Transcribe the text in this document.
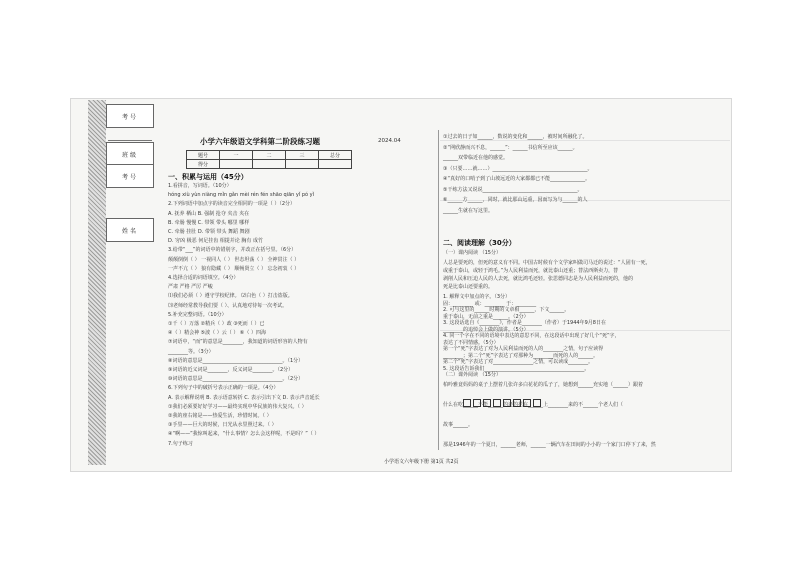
考号
班级
考号
姓名
小学六年级语文学科第二阶段练习题	2024.04
题号	一	二	三	总分
得分				
一、积累与运用（45分）
1.看拼音，写词语。（10分）
hóng xiù yùn niàng mǐn gǎn mèi rén fén shāo qiān yǐ pó yǐ
2.下列词语中加点字的读音完全相同的一项是（ ）（2分）
A. 抚养 栖山 B. 强制 抢夺 夹击 夹在
B. 牵肠 慢慢 C. 带领 带头 哪里 哪样
C. 牵肠 挂肚 D. 带领 带头 舞蹈 舞剧
D. 穷凶 极恶 何足挂齿 相提并论 胸有 成竹
3.给带“___”的词语中的错别字，并改正在括号里。（6分）
颠颠倒倒（ ） 一视同人（ ） 世态坦荡（ ） 全神贯注（ ）
一声不亢（ ） 狼有隐藏（ ） 顺畅贤立（ ） 忘念初衷（ ）
4.选择合适的词语填空。（4分）
严肃 严格 严厉 严峻
⑴我们必须（ ）遵守学校纪律。 ⑵白色（ ）打击盗版。
⑶老师经常教导我们要（ ）、认真地对待每一次考试。
5.补充完整词语。（10分）
①千（ ）万落 ②精兵（ ）政 ③死而（ ）已
④（ ）精会神 ⑤波（ ）云（ ） ⑥（ ）四海
⑦词语中，“而”的意思是________，我知道的词语形容的人物有
________等。（3分）
⑧词语的意思是________________________________。（1分）
⑨词语的近义词是________，反义词是________。（2分）
⑩词语的意思是________________________________。（2分）
6.下列句子中的破折号表示正确的一项是。（4分）
A. 表示解释说明 B. 表示语意转折 C. 表示引出下文 D. 表示声音延长
①我们必须要好好学习——最终实现中华民族的伟大复兴。（ ）
②我的座右铭是——热爱生活，珍惜时间。（ ）
③手里——巨大的时候，日光从水里照过来。（ ）
④“啊——”我惊叫起来，“什么事情？怎么会这样呢，不是吗？”（ ）
7.句子练习
①过去的日子如______，数说的变化和______，被时间所融化了。
②“网欣静而兴不息，______”：______书信所至应该______。
______双带临近在他的感觉。
③（只要……就……）______________________________________。
④“真好的口哨子到了山坡远近的大家都都已不能______________。
⑤干练方法又说说______________________________________。
⑥______方______，同时，就比那山远重，因而写为与______的人
______生就在写这里。
二、阅读理解（30分）
（一）课内阅读 （15分）
人总是要死的，但死的意义有不同。中国古时候有个文学家叫做司马迁的说过：“人固有一死，
或重于泰山，或轻于鸿毛。”为人民利益而死，就比泰山还重；替法西斯卖力，替
剥削人民和压迫人民的人去死，就比鸿毛还轻。张思德同志是为人民利益而死的，他的
死是比泰山还要重的。
1. 解释文中加点的字。（3分）
固：________ 或：________ 于：________
2. 可与这里的______时期的文章相______，下文______。
重于泰山，无前之重是______。（2分）
3. 这段话选自《________》，作者是________（作者）于1944年9月8日在
________的追悼会上做的演讲。（5分）
4. 同一个字在不同的语境中表达的意思不同，在这段话中出现了好几个“死”字，
表达了不同情感。（5分）
第一个“死”字表达了对为人民利益而死的人的________之情，句子应读得
________；第二个“死”字表达了对那种为________而死的人的______。
第二个“死”字表达了对________________之情，可以读成________。
5. 这段话告诉我们________________________________________。
（二）课外阅读 （15分）
柏吟雅竟妈妈的桌子上摆着几张许多白花花的瓜子了，她想到______充实地（______）跟着
什么在吃______不能______的还的花在______上________来的不______个老人们（
故事______。
那是1946年的一个夏日，______老师，______一辆汽车在田间的小小的一个家门口停下了来，然
小学语文六年级下册 第1页 共2页
